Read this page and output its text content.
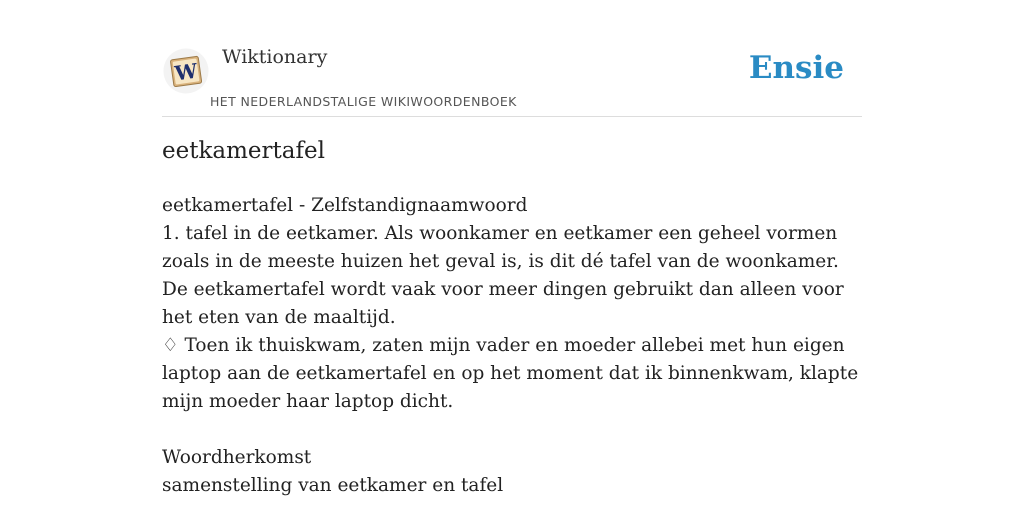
W
Wiktionary
HET NEDERLANDSTALIGE WIKIWOORDENBOEK
Ensie
eetkamertafel

eetkamertafel - Zelfstandignaamwoord

1. tafel in de eetkamer. Als woonkamer en eetkamer een geheel vormen zoals in de meeste huizen het geval is, is dit dé tafel van de woonkamer. De eetkamertafel wordt vaak voor meer dingen gebruikt dan alleen voor het eten van de maaltijd.

♢ Toen ik thuiskwam, zaten mijn vader en moeder allebei met hun eigen laptop aan de eetkamertafel en op het moment dat ik binnenkwam, klapte mijn moeder haar laptop dicht.

Woordherkomst

samenstelling van eetkamer en tafel
